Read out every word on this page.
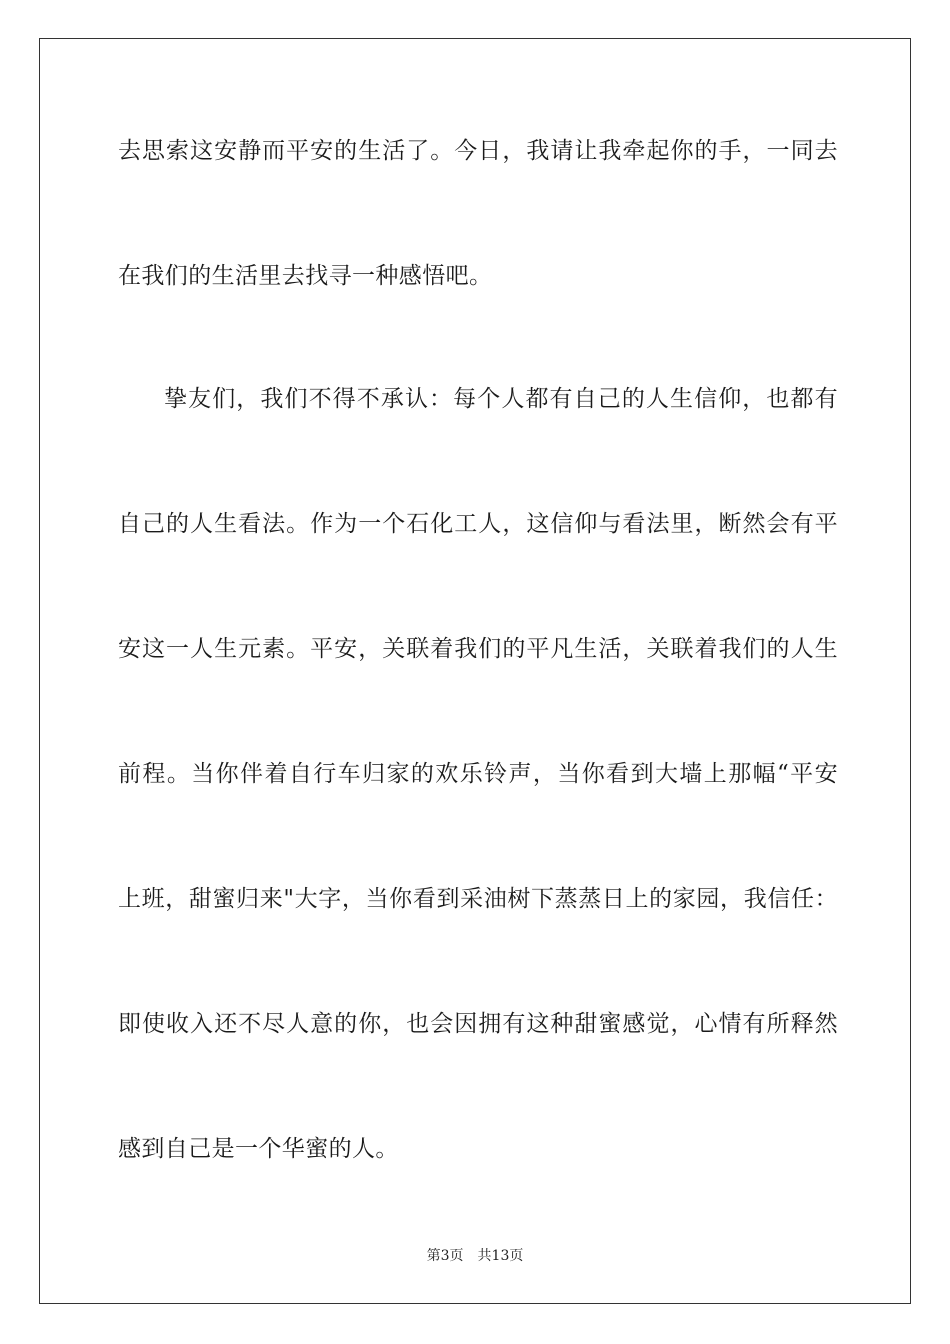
去思索这安静而平安的生活了。今日，我请让我牵起你的手，一同去
在我们的生活里去找寻一种感悟吧。
挚友们，我们不得不承认：每个人都有自己的人生信仰，也都有
自己的人生看法。作为一个石化工人，这信仰与看法里，断然会有平
安这一人生元素。平安，关联着我们的平凡生活，关联着我们的人生
前程。当你伴着自行车归家的欢乐铃声，当你看到大墙上那幅“平安
上班，甜蜜归来"大字，当你看到采油树下蒸蒸日上的家园，我信任：
即使收入还不尽人意的你，也会因拥有这种甜蜜感觉，心情有所释然
感到自己是一个华蜜的人。
第3页 共13页
